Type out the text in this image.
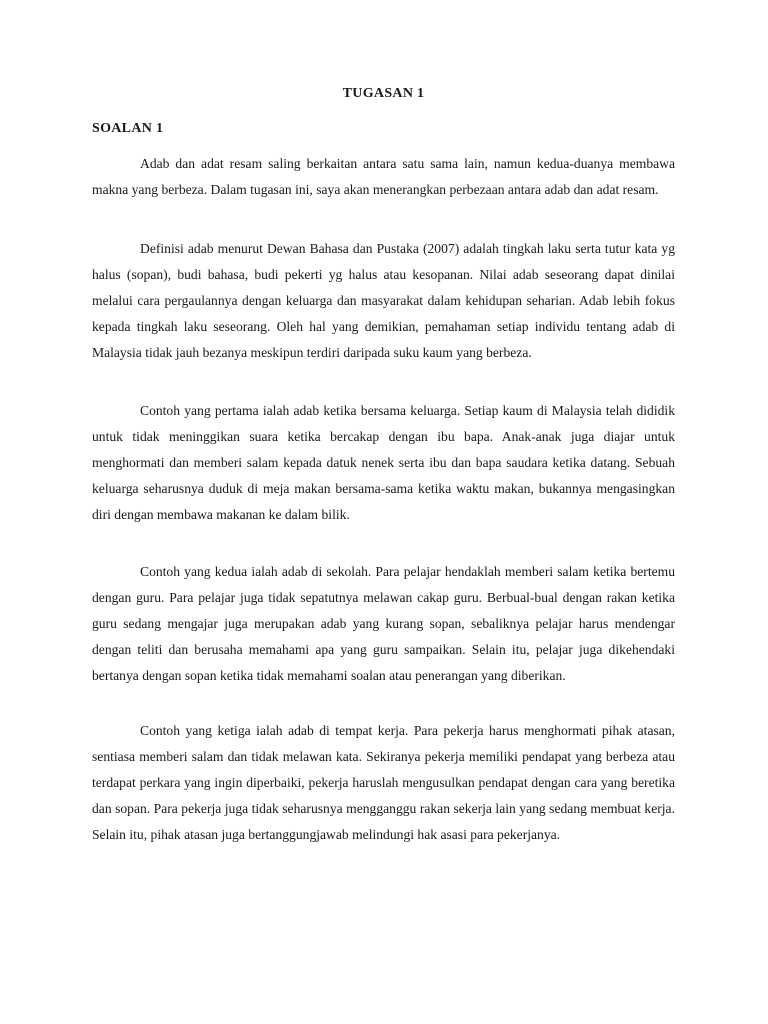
TUGASAN 1
SOALAN 1

Adab dan adat resam saling berkaitan antara satu sama lain, namun kedua-duanya membawa makna yang berbeza. Dalam tugasan ini, saya akan menerangkan perbezaan antara adab dan adat resam.

Definisi adab menurut Dewan Bahasa dan Pustaka (2007) adalah tingkah laku serta tutur kata yg halus (sopan), budi bahasa, budi pekerti yg halus atau kesopanan. Nilai adab seseorang dapat dinilai melalui cara pergaulannya dengan keluarga dan masyarakat dalam kehidupan seharian. Adab lebih fokus kepada tingkah laku seseorang. Oleh hal yang demikian, pemahaman setiap individu tentang adab di Malaysia tidak jauh bezanya meskipun terdiri daripada suku kaum yang berbeza.

Contoh yang pertama ialah adab ketika bersama keluarga. Setiap kaum di Malaysia telah dididik untuk tidak meninggikan suara ketika bercakap dengan ibu bapa. Anak-anak juga diajar untuk menghormati dan memberi salam kepada datuk nenek serta ibu dan bapa saudara ketika datang. Sebuah keluarga seharusnya duduk di meja makan bersama-sama ketika waktu makan, bukannya mengasingkan diri dengan membawa makanan ke dalam bilik.

Contoh yang kedua ialah adab di sekolah. Para pelajar hendaklah memberi salam ketika bertemu dengan guru. Para pelajar juga tidak sepatutnya melawan cakap guru. Berbual-bual dengan rakan ketika guru sedang mengajar juga merupakan adab yang kurang sopan, sebaliknya pelajar harus mendengar dengan teliti dan berusaha memahami apa yang guru sampaikan. Selain itu, pelajar juga dikehendaki bertanya dengan sopan ketika tidak memahami soalan atau penerangan yang diberikan.

Contoh yang ketiga ialah adab di tempat kerja. Para pekerja harus menghormati pihak atasan, sentiasa memberi salam dan tidak melawan kata. Sekiranya pekerja memiliki pendapat yang berbeza atau terdapat perkara yang ingin diperbaiki, pekerja haruslah mengusulkan pendapat dengan cara yang beretika dan sopan. Para pekerja juga tidak seharusnya mengganggu rakan sekerja lain yang sedang membuat kerja. Selain itu, pihak atasan juga bertanggungjawab melindungi hak asasi para pekerjanya.
